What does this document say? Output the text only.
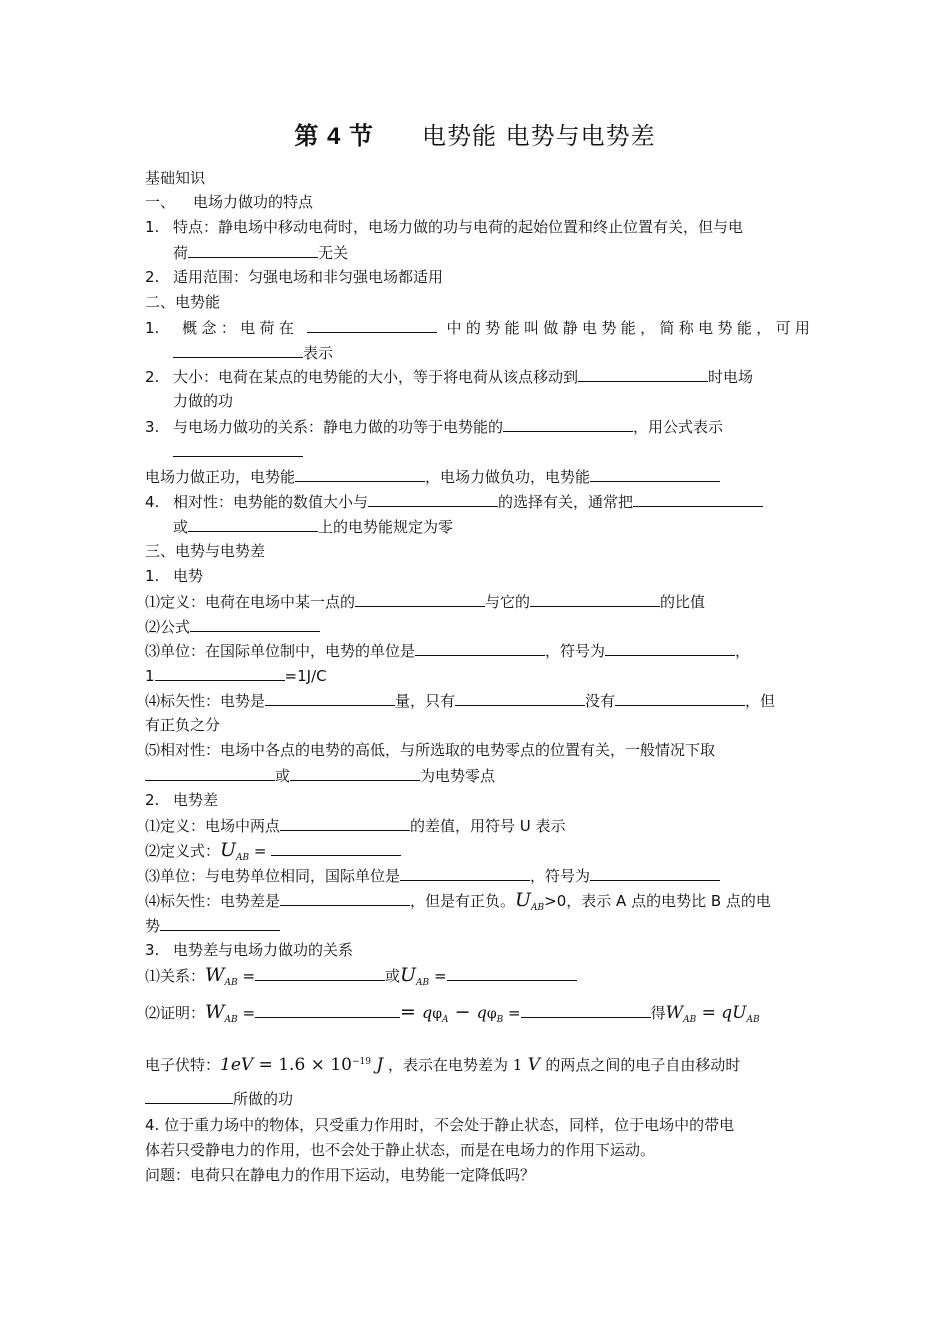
第 4 节 电势能 电势与电势差
基础知识
一、 电场力做功的特点
1. 特点：静电场中移动电荷时，电场力做的功与电荷的起始位置和终止位置有关，但与电
荷	无关
2. 适用范围：匀强电场和非匀强电场都适用
二、电势能
1. 概念：电荷在	中的势能叫做静电势能，简称电势能，可用
表示
2. 大小：电荷在某点的电势能的大小，等于将电荷从该点移动到	时电场
力做的功
3. 与电场力做功的关系：静电力做的功等于电势能的	，用公式表示
电场力做正功，电势能	，电场力做负功，电势能
4. 相对性：电势能的数值大小与	的选择有关，通常把
或	上的电势能规定为零
三、电势与电势差
1. 电势
⑴定义：电荷在电场中某一点的	与它的	的比值
⑵公式
⑶单位：在国际单位制中，电势的单位是	，符号为	，
1	=1J/C
⑷标矢性：电势是	量，只有	没有	，但
有正负之分
⑸相对性：电场中各点的电势的高低，与所选取的电势零点的位置有关，一般情况下取
或	为电势零点
2. 电势差
⑴定义：电场中两点	的差值，用符号 U 表示
⑵定义式：$U_{AB}$ =
⑶单位：与电势单位相同，国际单位是	，符号为
⑷标矢性：电势差是	，但是有正负。$U_{AB}>0$，表示 A 点的电势比 B 点的电
势
3. 电势差与电场力做功的关系
⑴关系：$W_{AB}$ =	或$U_{AB}$ =
⑵证明：$W_{AB}$ =	= $q\varphi_A - q\varphi_B$ =	得$W_{AB} = qU_{AB}$
电子伏特：$1eV = 1.6 \times 10^{-19}$ J ，表示在电势差为 1 V 的两点之间的电子自由移动时
所做的功
4. 位于重力场中的物体，只受重力作用时，不会处于静止状态，同样，位于电场中的带电
体若只受静电力的作用，也不会处于静止状态，而是在电场力的作用下运动。
问题：电荷只在静电力的作用下运动，电势能一定降低吗？
